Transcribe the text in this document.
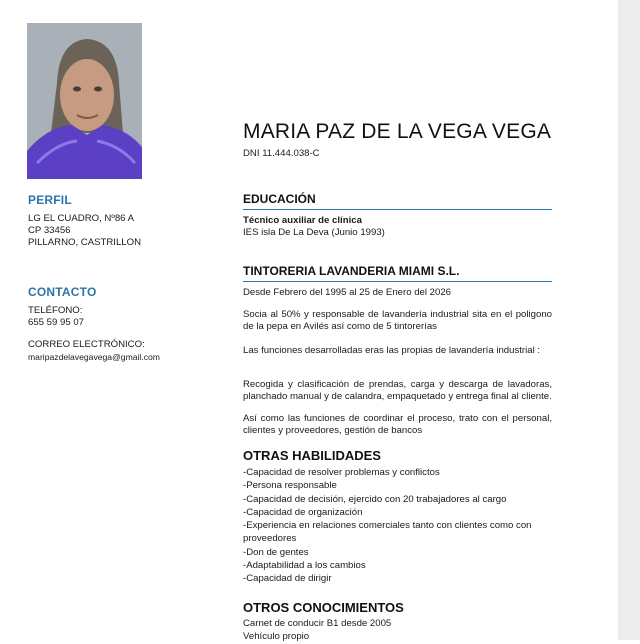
PERFIL
LG EL CUADRO, Nº86 A
CP 33456
PILLARNO, CASTRILLON
CONTACTO
TELÉFONO:
655 59 95 07
CORREO ELECTRÓNICO:
maripazdelavegavega@gmail.com
MARIA PAZ DE LA VEGA VEGA
DNI 11.444.038-C
EDUCACIÓN
Técnico auxiliar de clínica
IES isla De La Deva (Junio 1993)
TINTORERIA LAVANDERIA MIAMI S.L.
Desde Febrero del 1995 al 25 de Enero del 2026
Socia al 50% y responsable de lavandería industrial sita en el poligono de la pepa en Avilés así como de 5 tintorerías
Las funciones desarrolladas eras las propias de lavandería industrial :
Recogida y clasificación de prendas, carga y descarga de lavadoras, planchado manual y de calandra, empaquetado y entrega final al cliente.
Así como las funciones de coordinar el proceso, trato con el personal, clientes y proveedores, gestión de bancos
OTRAS HABILIDADES
-Capacidad de resolver problemas y conflictos
-Persona responsable
-Capacidad de decisión, ejercido con 20 trabajadores al cargo
-Capacidad de organización
-Experiencia en relaciones comerciales tanto con clientes como con proveedores
-Don de gentes
-Adaptabilidad a los cambios
-Capacidad de dirigir
OTROS CONOCIMIENTOS
Carnet de conducir B1 desde 2005
Vehículo propio
